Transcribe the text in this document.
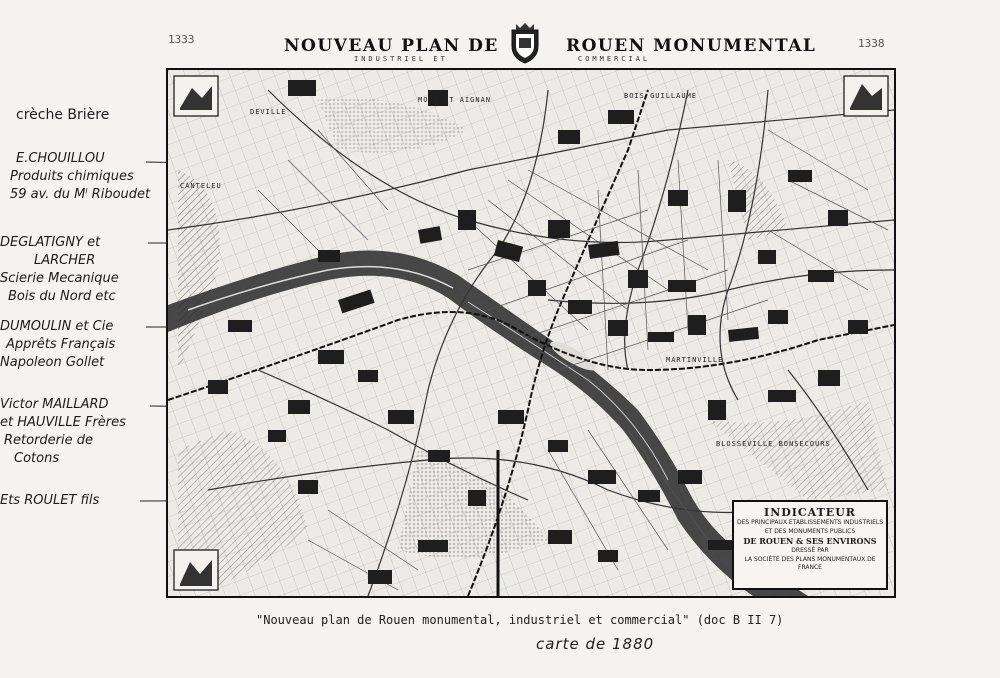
1333	1338
NOUVEAU PLAN DE	ROUEN MONUMENTAL
INDUSTRIEL ET	COMMERCIAL
crèche Brière
E.CHOUILLOU
Produits chimiques
59 av. du Mˡ Riboudet
DEGLATIGNY et
LARCHER
Scierie Mecanique
Bois du Nord etc
DUMOULIN et Cie
Apprêts Français
Napoleon Gollet
Victor MAILLARD
et HAUVILLE Frères
Retorderie de
Cotons
Ets ROULET fils
CANTELEU
MONT ST AIGNAN	BOIS GUILLAUME
DEVILLE
BLOSSEVILLE BONSECOURS
MARTINVILLE
INDICATEUR
DES PRINCIPAUX ETABLISSEMENTS INDUSTRIELS
ET DES MONUMENTS PUBLICS
DE ROUEN & SES ENVIRONS
DRESSÉ PAR
LA SOCIÉTÉ DES PLANS MONUMENTAUX DE FRANCE
"Nouveau plan de Rouen monumental, industriel et commercial" (doc B II 7)
carte de 1880
